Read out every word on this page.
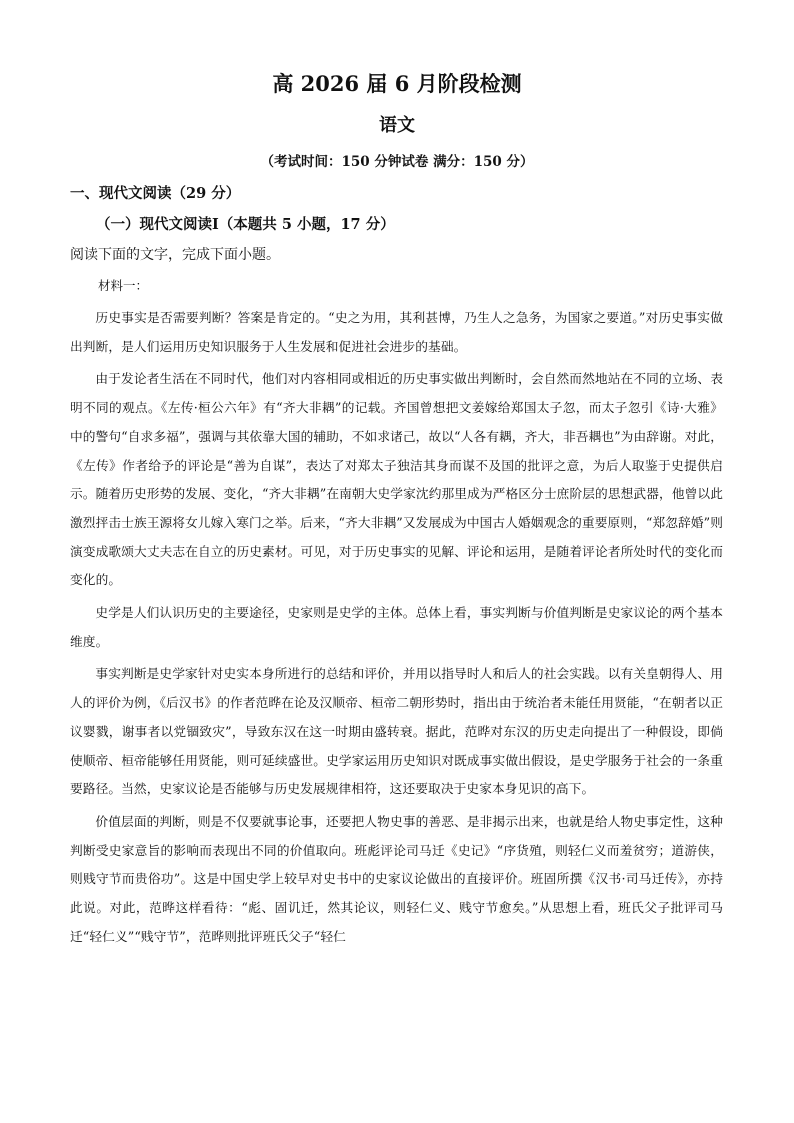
高 2026 届 6 月阶段检测
语文
（考试时间：150 分钟试卷 满分：150 分）
一、现代文阅读（29 分）
（一）现代文阅读Ⅰ（本题共 5 小题，17 分）
阅读下面的文字，完成下面小题。
材料一：

历史事实是否需要判断？答案是肯定的。“史之为用，其利甚博，乃生人之急务，为国家之要道。”对历史事实做出判断，是人们运用历史知识服务于人生发展和促进社会进步的基础。

由于发论者生活在不同时代，他们对内容相同或相近的历史事实做出判断时，会自然而然地站在不同的立场、表明不同的观点。《左传·桓公六年》有“齐大非耦”的记载。齐国曾想把文姜嫁给郑国太子忽，而太子忽引《诗·大雅》中的警句“自求多福”，强调与其依靠大国的辅助，不如求诸己，故以“人各有耦，齐大，非吾耦也”为由辞谢。对此，《左传》作者给予的评论是“善为自谋”，表达了对郑太子独洁其身而谋不及国的批评之意，为后人取鉴于史提供启示。随着历史形势的发展、变化，“齐大非耦”在南朝大史学家沈约那里成为严格区分士庶阶层的思想武器，他曾以此激烈抨击士族王源将女儿嫁入寒门之举。后来，“齐大非耦”又发展成为中国古人婚姻观念的重要原则，“郑忽辞婚”则演变成歌颂大丈夫志在自立的历史素材。可见，对于历史事实的见解、评论和运用，是随着评论者所处时代的变化而变化的。

史学是人们认识历史的主要途径，史家则是史学的主体。总体上看，事实判断与价值判断是史家议论的两个基本维度。

事实判断是史学家针对史实本身所进行的总结和评价，并用以指导时人和后人的社会实践。以有关皇朝得人、用人的评价为例，《后汉书》的作者范晔在论及汉顺帝、桓帝二朝形势时，指出由于统治者未能任用贤能，“在朝者以正议婴戮，谢事者以党锢致灾”，导致东汉在这一时期由盛转衰。据此，范晔对东汉的历史走向提出了一种假设，即倘使顺帝、桓帝能够任用贤能，则可延续盛世。史学家运用历史知识对既成事实做出假设，是史学服务于社会的一条重要路径。当然，史家议论是否能够与历史发展规律相符，这还要取决于史家本身见识的高下。

价值层面的判断，则是不仅要就事论事，还要把人物史事的善恶、是非揭示出来，也就是给人物史事定性，这种判断受史家意旨的影响而表现出不同的价值取向。班彪评论司马迁《史记》“序货殖，则轻仁义而羞贫穷；道游侠，则贱守节而贵俗功”。这是中国史学上较早对史书中的史家议论做出的直接评价。班固所撰《汉书·司马迁传》，亦持此说。对此，范晔这样看待：“彪、固讥迁，然其论议，则轻仁义、贱守节愈矣。”从思想上看，班氏父子批评司马迁“轻仁义”“贱守节”，范晔则批评班氏父子“轻仁
